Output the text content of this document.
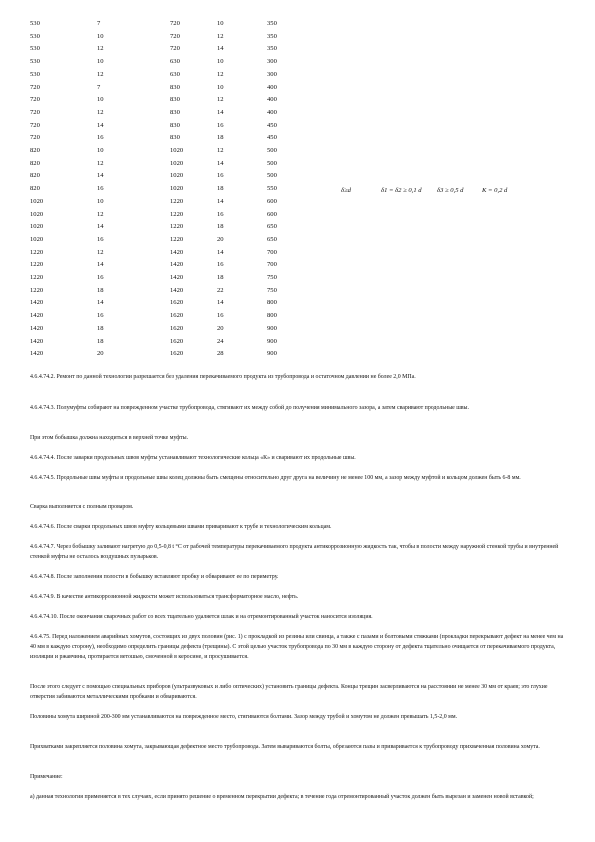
530	7	720	10	350
530	10	720	12	350
530	12	720	14	350
530	10	630	10	300
530	12	630	12	300
720	7	830	10	400
720	10	830	12	400
720	12	830	14	400
720	14	830	16	450
720	16	830	18	450
820	10	1020	12	500
820	12	1020	14	500
820	14	1020	16	500
820	16	1020	18	550
1020	10	1220	14	600
1020	12	1220	16	600
1020	14	1220	18	650
1020	16	1220	20	650
1220	12	1420	14	700
1220	14	1420	16	700
1220	16	1420	18	750
1220	18	1420	22	750
1420	14	1620	14	800
1420	16	1620	16	800
1420	18	1620	20	900
1420	18	1620	24	900
1420	20	1620	28	900
δ≥d	δ1 = δ2 ≥ 0,1 d δ3 ≥ 0,5 d	K = 0,2 d
4.6.4.74.2. Ремонт по данной технологии разрешается без удаления перекачиваемого продукта из трубопровода и остаточном давлении не более 2,0 МПа.
4.6.4.74.3. Полумуфты собирают на поврежденном участке трубопровода, стягивают их между собой до получения минимального зазора, а затем сваривают продольные швы.
При этом бобышка должна находиться в верхней точке муфты.
4.6.4.74.4. После заварки продольных швов муфты устанавливают технологические кольца «К» и сваривают их продольные швы.
4.6.4.74.5. Продольные швы муфты и продольные швы колец должны быть смещены относительно друг друга на величину не менее 100 мм, а зазор между муфтой и кольцом должен быть 6-8 мм.
Сварка выполняется с полным проваром.
4.6.4.74.6. После сварки продольных швов муфту кольцевыми швами приваривают к трубе и технологическим кольцам.
4.6.4.74.7. Через бобышку заливают нагретую до 0,5-0,8 t °С от рабочей температуры перекачиваемого продукта антикоррозионную жидкость так, чтобы в полости между наружной стенкой трубы и внутренней стенкой муфты не осталось воздушных пузырьков.
4.6.4.74.8. После заполнения полости в бобышку вставляют пробку и обваривают ее по периметру.
4.6.4.74.9. В качестве антикоррозионной жидкости может использоваться трансформаторное масло, нефть.
4.6.4.74.10. После окончания сварочных работ со всех тщательно удаляется шлак и на отремонтированный участок наносится изоляция.
4.6.4.75. Перед наложением аварийных хомутов, состоящих из двух половин (рис. 1) с прокладкой из резины или свинца, а также с пазами и болтовыми стяжками (прокладки перекрывают дефект на менее чем на 40 мм в каждую сторону), необходимо определить границы дефекта (трещины). С этой целью участок трубопровода по 30 мм в каждую сторону от дефекта тщательно очищается от перекачиваемого продукта, изоляции и ржавчины, протирается ветошью, смоченной в керосине, и просушивается.
После этого следует с помощью специальных приборов (ультразвуковых и либо оптических) установить границы дефекта. Концы трещин засверливаются на расстоянии не менее 30 мм от краев; это глухие отверстия забиваются металлическими пробками и обвариваются.
Половины хомута шириной 200-300 мм устанавливаются на поврежденное место, стягиваются болтами. Зазор между трубой и хомутом не должен превышать 1,5-2,0 мм.
Прихватками закрепляется половина хомута, закрывающая дефектное место трубопровода. Затем вывариваются болты, обрезаются пазы и приваривается к трубопроводу прихваченная половина хомута.
Примечание:
а) данная технология применяется в тех случаях, если принято решение о временном перекрытии дефекта; в течение года отремонтированный участок должен быть вырезан и заменен новой вставкой;
